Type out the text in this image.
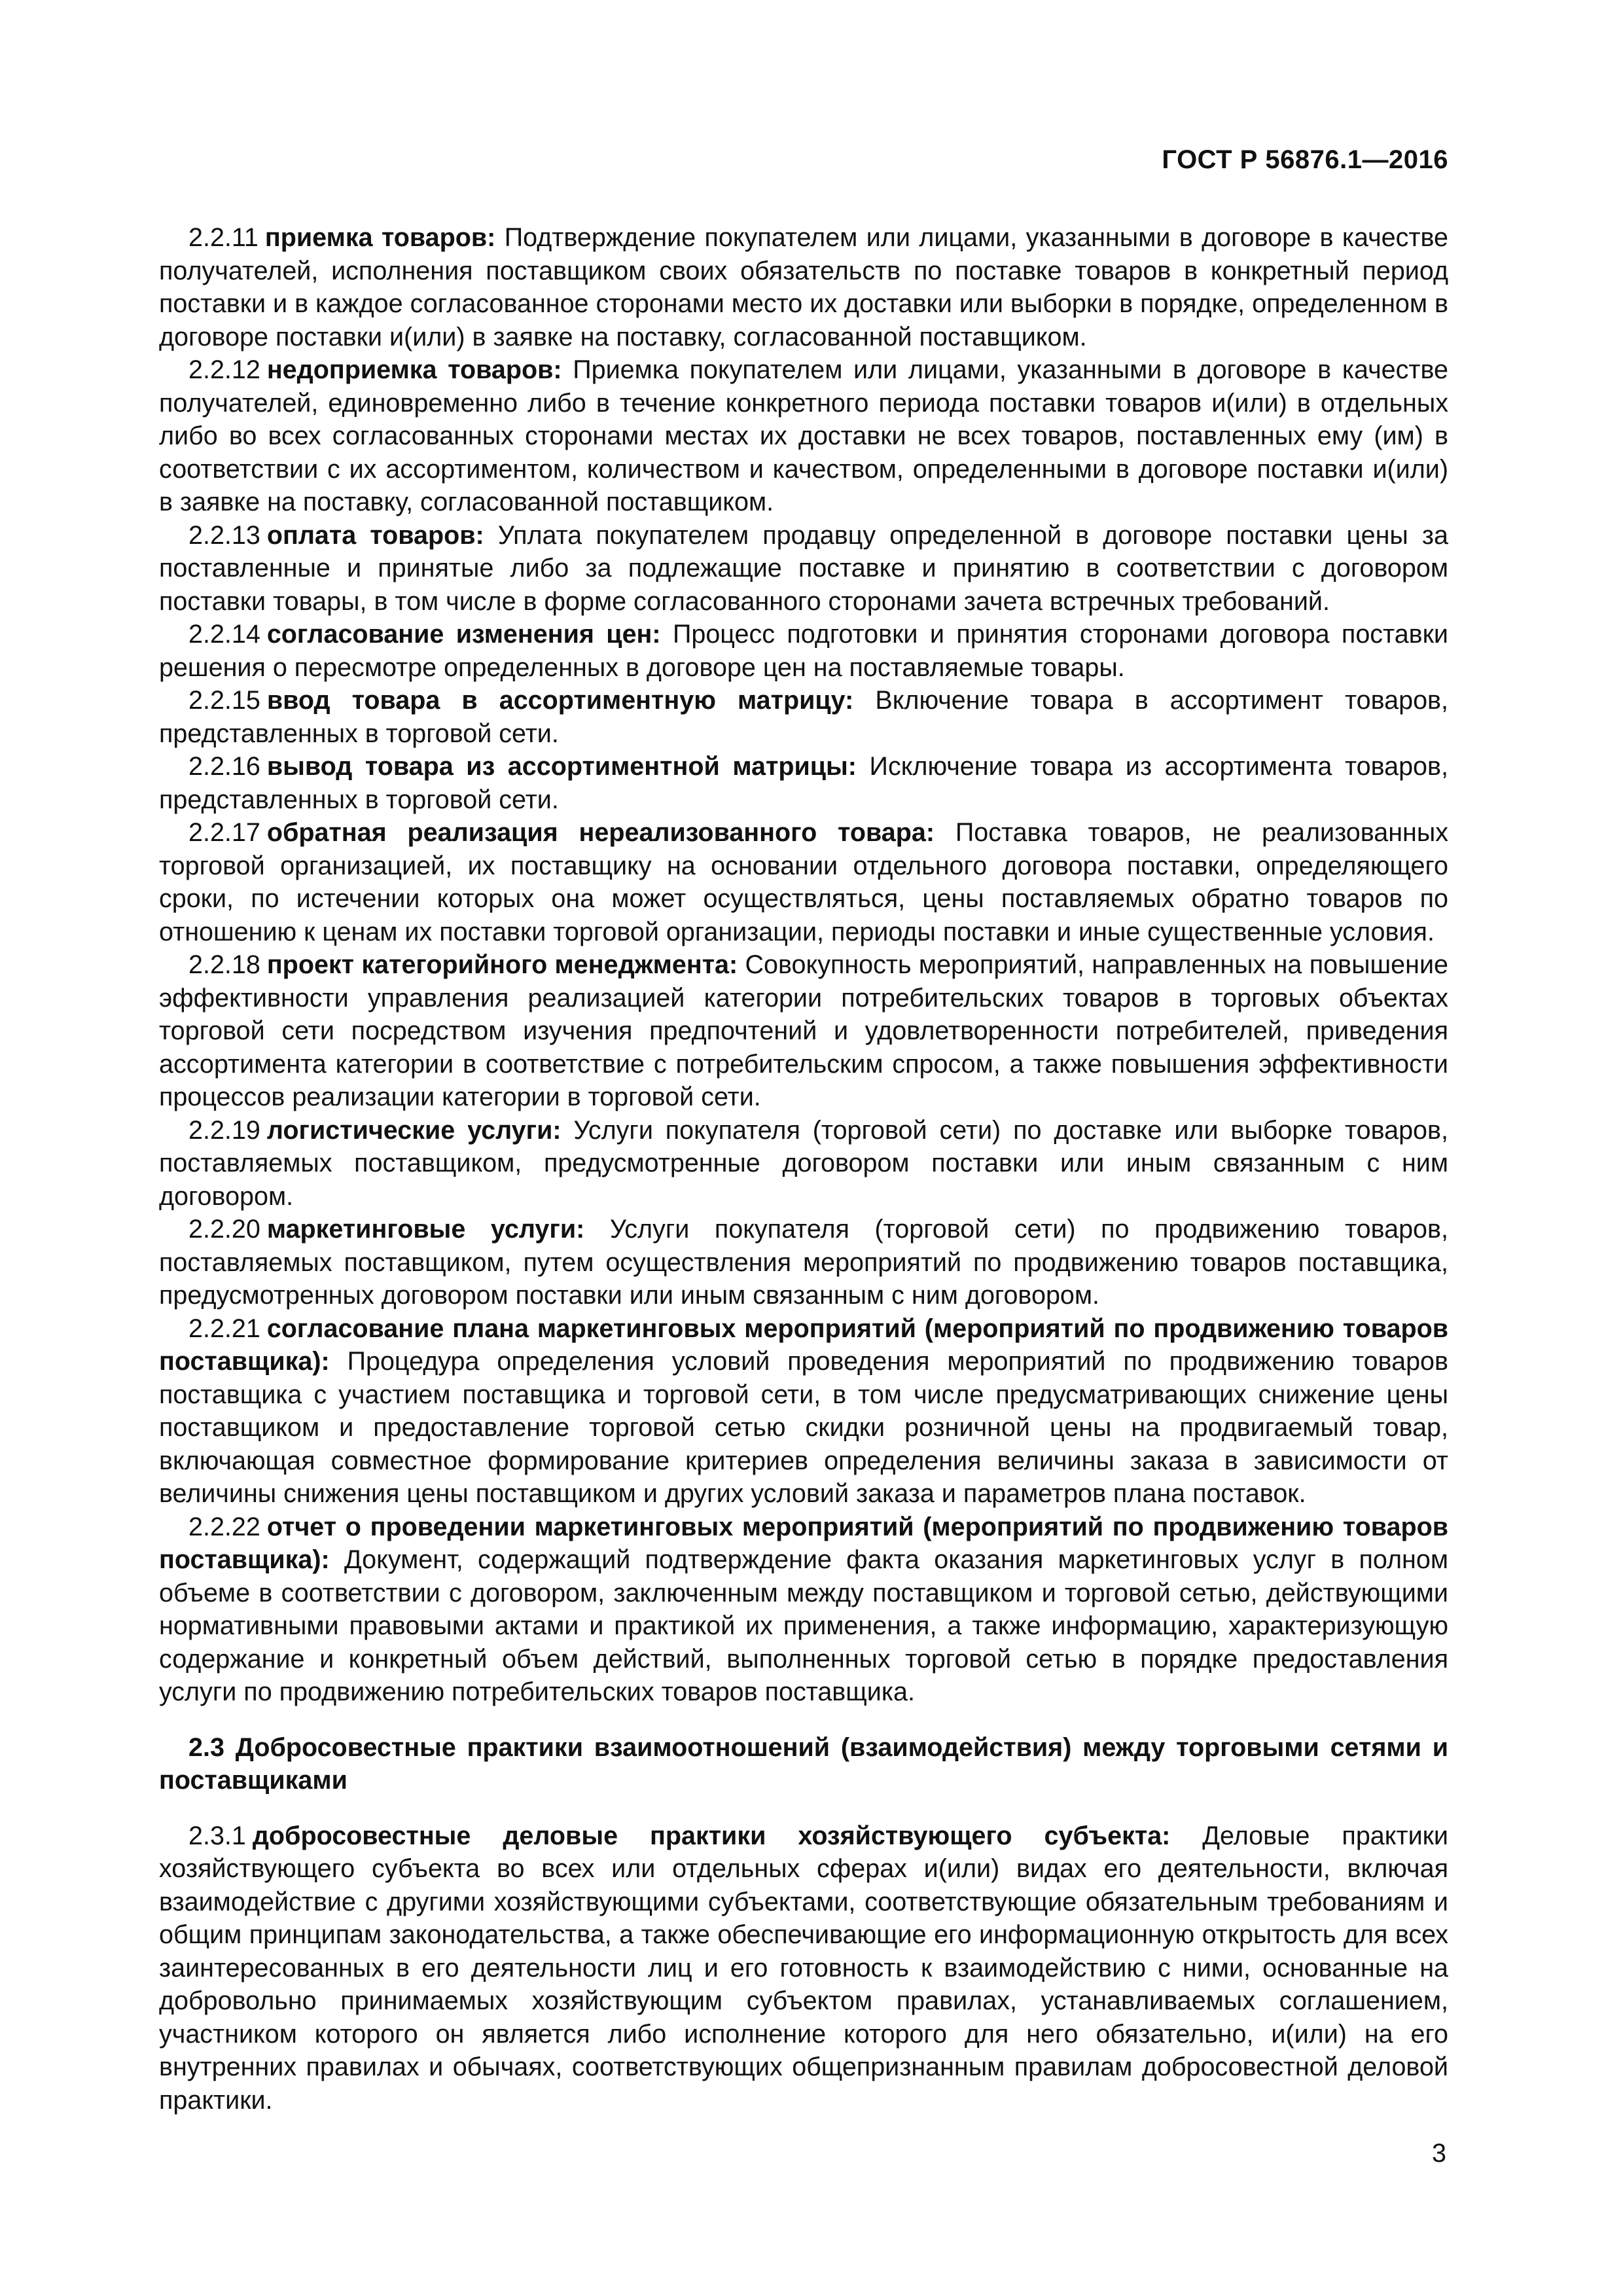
ГОСТ Р 56876.1—2016

2.2.11 приемка товаров: Подтверждение покупателем или лицами, указанными в договоре в качестве получателей, исполнения поставщиком своих обязательств по поставке товаров в конкретный период поставки и в каждое согласованное сторонами место их доставки или выборки в порядке, определенном в договоре поставки и(или) в заявке на поставку, согласованной поставщиком.

2.2.12 недоприемка товаров: Приемка покупателем или лицами, указанными в договоре в качестве получателей, единовременно либо в течение конкретного периода поставки товаров и(или) в отдельных либо во всех согласованных сторонами местах их доставки не всех товаров, поставленных ему (им) в соответствии с их ассортиментом, количеством и качеством, определенными в договоре поставки и(или) в заявке на поставку, согласованной поставщиком.

2.2.13 оплата товаров: Уплата покупателем продавцу определенной в договоре поставки цены за поставленные и принятые либо за подлежащие поставке и принятию в соответствии с договором поставки товары, в том числе в форме согласованного сторонами зачета встречных требований.

2.2.14 согласование изменения цен: Процесс подготовки и принятия сторонами договора поставки решения о пересмотре определенных в договоре цен на поставляемые товары.

2.2.15 ввод товара в ассортиментную матрицу: Включение товара в ассортимент товаров, представленных в торговой сети.

2.2.16 вывод товара из ассортиментной матрицы: Исключение товара из ассортимента товаров, представленных в торговой сети.

2.2.17 обратная реализация нереализованного товара: Поставка товаров, не реализованных торговой организацией, их поставщику на основании отдельного договора поставки, определяющего сроки, по истечении которых она может осуществляться, цены поставляемых обратно товаров по отношению к ценам их поставки торговой организации, периоды поставки и иные существенные условия.

2.2.18 проект категорийного менеджмента: Совокупность мероприятий, направленных на повышение эффективности управления реализацией категории потребительских товаров в торговых объектах торговой сети посредством изучения предпочтений и удовлетворенности потребителей, приведения ассортимента категории в соответствие с потребительским спросом, а также повышения эффективности процессов реализации категории в торговой сети.

2.2.19 логистические услуги: Услуги покупателя (торговой сети) по доставке или выборке товаров, поставляемых поставщиком, предусмотренные договором поставки или иным связанным с ним договором.

2.2.20 маркетинговые услуги: Услуги покупателя (торговой сети) по продвижению товаров, поставляемых поставщиком, путем осуществления мероприятий по продвижению товаров поставщика, предусмотренных договором поставки или иным связанным с ним договором.

2.2.21 согласование плана маркетинговых мероприятий (мероприятий по продвижению товаров поставщика): Процедура определения условий проведения мероприятий по продвижению товаров поставщика с участием поставщика и торговой сети, в том числе предусматривающих снижение цены поставщиком и предоставление торговой сетью скидки розничной цены на продвигаемый товар, включающая совместное формирование критериев определения величины заказа в зависимости от величины снижения цены поставщиком и других условий заказа и параметров плана поставок.

2.2.22 отчет о проведении маркетинговых мероприятий (мероприятий по продвижению товаров поставщика): Документ, содержащий подтверждение факта оказания маркетинговых услуг в полном объеме в соответствии с договором, заключенным между поставщиком и торговой сетью, действующими нормативными правовыми актами и практикой их применения, а также информацию, характеризующую содержание и конкретный объем действий, выполненных торговой сетью в порядке предоставления услуги по продвижению потребительских товаров поставщика.

2.3 Добросовестные практики взаимоотношений (взаимодействия) между торговыми сетями и поставщиками

2.3.1 добросовестные деловые практики хозяйствующего субъекта: Деловые практики хозяйствующего субъекта во всех или отдельных сферах и(или) видах его деятельности, включая взаимодействие с другими хозяйствующими субъектами, соответствующие обязательным требованиям и общим принципам законодательства, а также обеспечивающие его информационную открытость для всех заинтересованных в его деятельности лиц и его готовность к взаимодействию с ними, основанные на добровольно принимаемых хозяйствующим субъектом правилах, устанавливаемых соглашением, участником которого он является либо исполнение которого для него обязательно, и(или) на его внутренних правилах и обычаях, соответствующих общепризнанным правилам добросовестной деловой практики.

3
